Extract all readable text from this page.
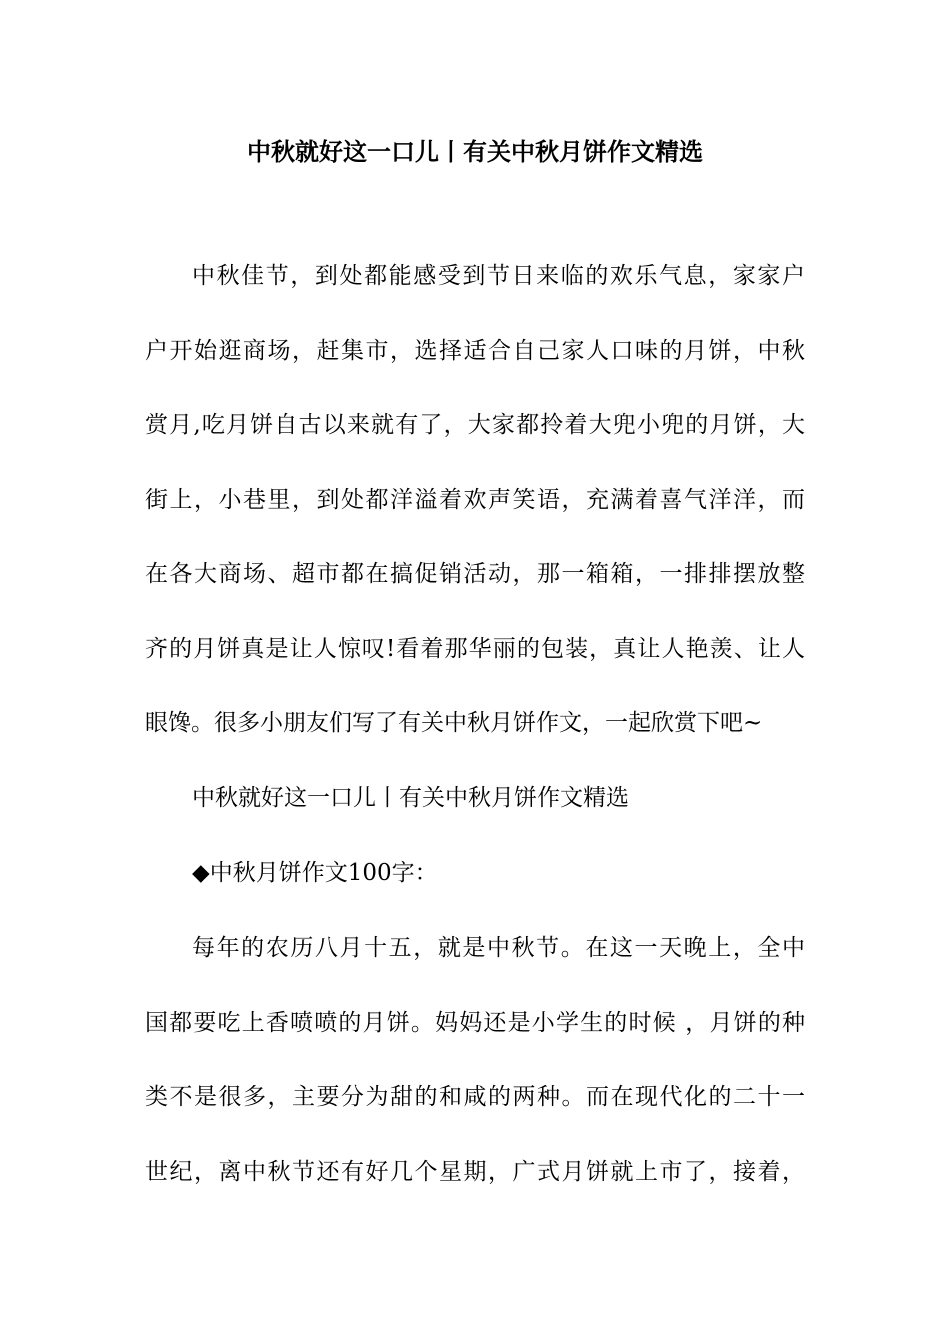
中秋就好这一口儿丨有关中秋月饼作文精选
中秋佳节，到处都能感受到节日来临的欢乐气息，家家户
户开始逛商场，赶集市，选择适合自己家人口味的月饼，中秋
赏月,吃月饼自古以来就有了，大家都拎着大兜小兜的月饼，大
街上，小巷里，到处都洋溢着欢声笑语，充满着喜气洋洋，而
在各大商场、超市都在搞促销活动，那一箱箱，一排排摆放整
齐的月饼真是让人惊叹!看着那华丽的包装，真让人艳羡、让人
眼馋。很多小朋友们写了有关中秋月饼作文，一起欣赏下吧~
中秋就好这一口儿丨有关中秋月饼作文精选
◆中秋月饼作文100字：
每年的农历八月十五，就是中秋节。在这一天晚上，全中
国都要吃上香喷喷的月饼。妈妈还是小学生的时候 ，月饼的种
类不是很多，主要分为甜的和咸的两种。而在现代化的二十一
世纪，离中秋节还有好几个星期，广式月饼就上市了，接着，
